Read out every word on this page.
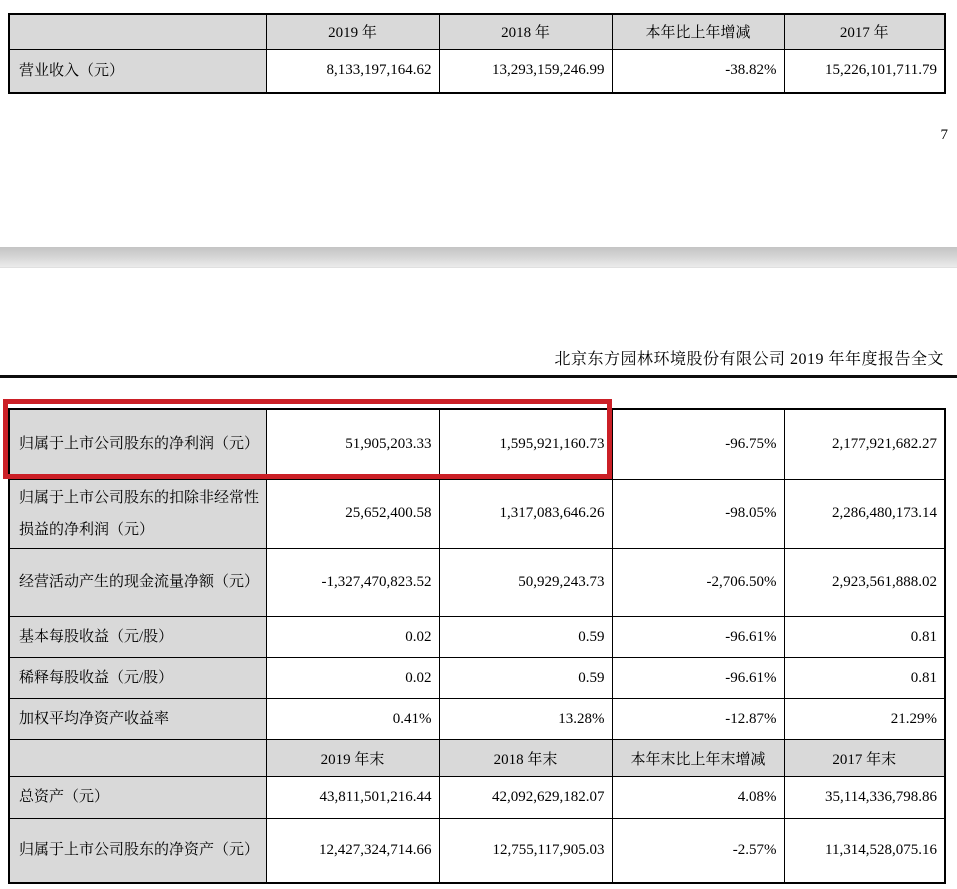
	2019 年	2018 年	本年比上年增减	2017 年
营业收入（元）	8,133,197,164.62	13,293,159,246.99	-38.82%	15,226,101,711.79
7
北京东方园林环境股份有限公司 2019 年年度报告全文
归属于上市公司股东的净利润（元）	51,905,203.33	1,595,921,160.73	-96.75%	2,177,921,682.27
归属于上市公司股东的扣除非经常性损益的净利润（元）	25,652,400.58	1,317,083,646.26	-98.05%	2,286,480,173.14
经营活动产生的现金流量净额（元）	-1,327,470,823.52	50,929,243.73	-2,706.50%	2,923,561,888.02
基本每股收益（元/股）	0.02	0.59	-96.61%	0.81
稀释每股收益（元/股）	0.02	0.59	-96.61%	0.81
加权平均净资产收益率	0.41%	13.28%	-12.87%	21.29%
	2019 年末	2018 年末	本年末比上年末增减	2017 年末
总资产（元）	43,811,501,216.44	42,092,629,182.07	4.08%	35,114,336,798.86
归属于上市公司股东的净资产（元）	12,427,324,714.66	12,755,117,905.03	-2.57%	11,314,528,075.16
